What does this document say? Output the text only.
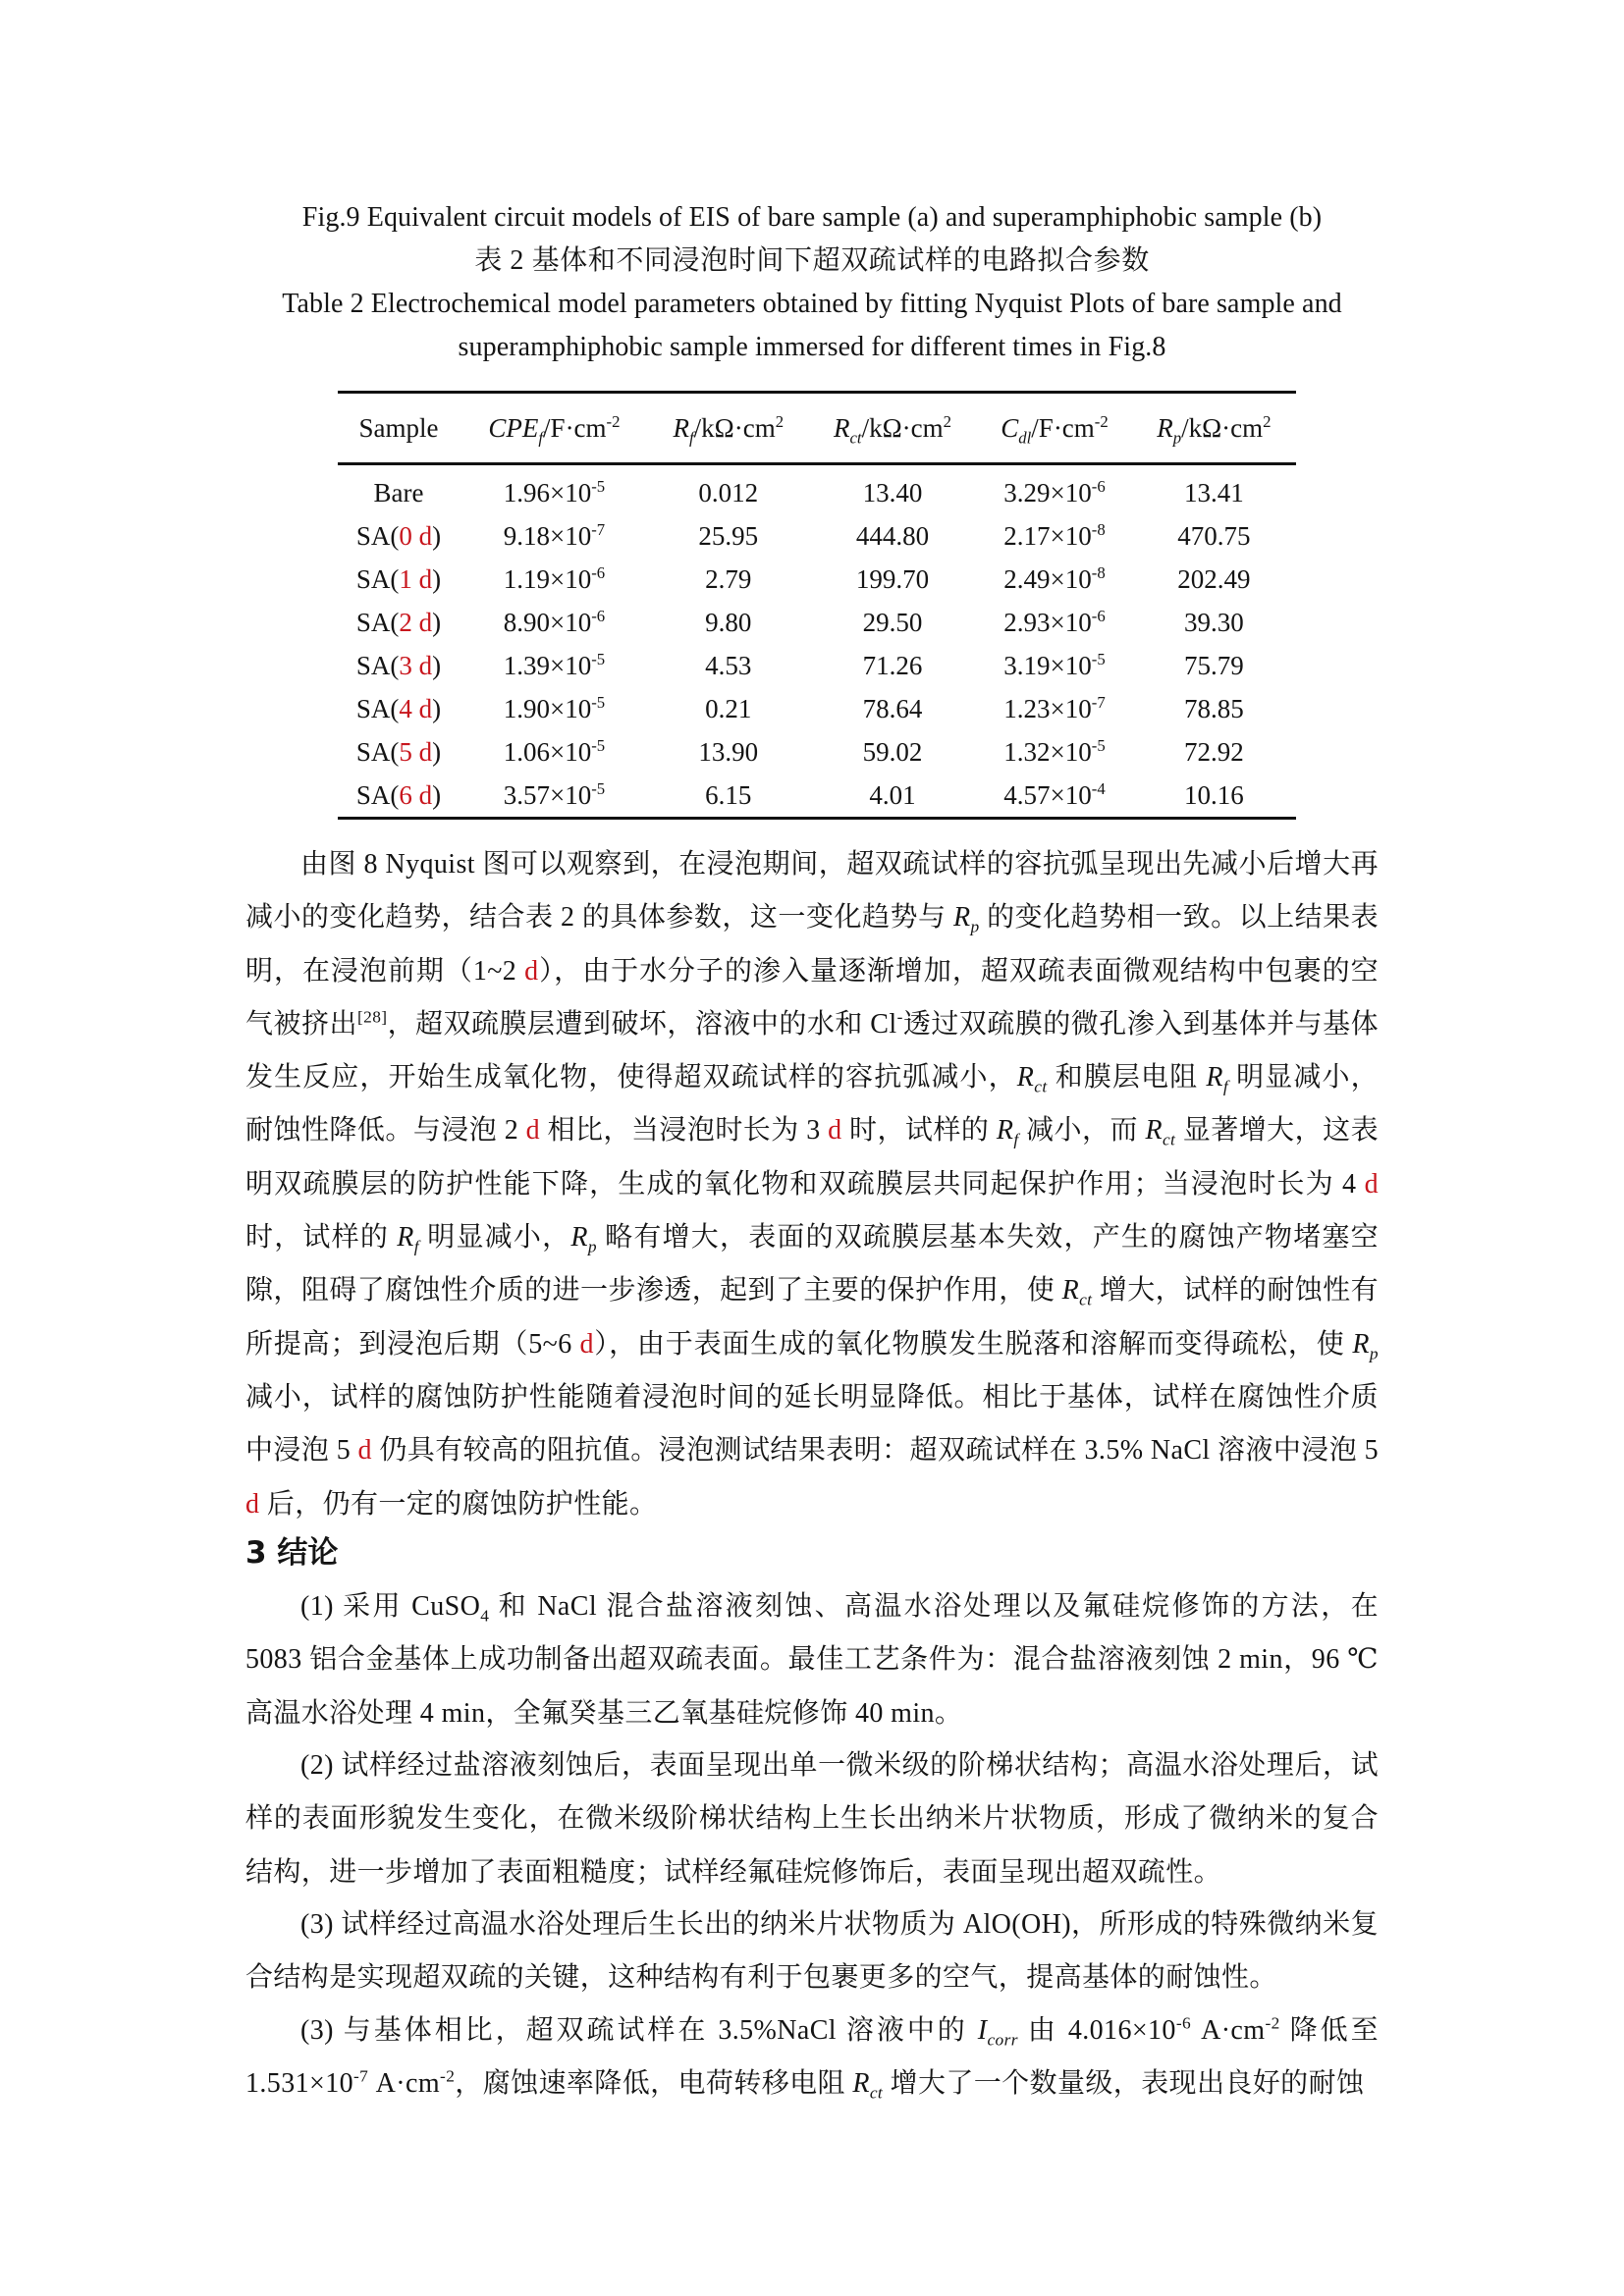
Fig.9 Equivalent circuit models of EIS of bare sample (a) and superamphiphobic sample (b)
表 2 基体和不同浸泡时间下超双疏试样的电路拟合参数
Table 2 Electrochemical model parameters obtained by fitting Nyquist Plots of bare sample and
superamphiphobic sample immersed for different times in Fig.8
Sample	$CPE_f/F\cdot cm^{-2}$	$R_f/k\Omega\cdot cm^2$	$R_{ct}/k\Omega\cdot cm^2$	$C_{dl}/F\cdot cm^{-2}$	$R_p/k\Omega\cdot cm^2$
Bare	$1.96\times 10^{-5}$	0.012	13.40	$3.29\times 10^{-6}$	13.41
SA(0 d)	$9.18\times 10^{-7}$	25.95	444.80	$2.17\times 10^{-8}$	470.75
SA(1 d)	$1.19\times 10^{-6}$	2.79	199.70	$2.49\times 10^{-8}$	202.49
SA(2 d)	$8.90\times 10^{-6}$	9.80	29.50	$2.93\times 10^{-6}$	39.30
SA(3 d)	$1.39\times 10^{-5}$	4.53	71.26	$3.19\times 10^{-5}$	75.79
SA(4 d)	$1.90\times 10^{-5}$	0.21	78.64	$1.23\times 10^{-7}$	78.85
SA(5 d)	$1.06\times 10^{-5}$	13.90	59.02	$1.32\times 10^{-5}$	72.92
SA(6 d)	$3.57\times 10^{-5}$	6.15	4.01	$4.57\times 10^{-4}$	10.16

由图 8 Nyquist 图可以观察到，在浸泡期间，超双疏试样的容抗弧呈现出先减小后增大再减小的变化趋势，结合表 2 的具体参数，这一变化趋势与 $R_p$ 的变化趋势相一致。以上结果表明，在浸泡前期（1~2 d），由于水分子的渗入量逐渐增加，超双疏表面微观结构中包裹的空气被挤出[28]，超双疏膜层遭到破坏，溶液中的水和 Cl-透过双疏膜的微孔渗入到基体并与基体发生反应，开始生成氧化物，使得超双疏试样的容抗弧减小，$R_{ct}$ 和膜层电阻 $R_f$ 明显减小，耐蚀性降低。与浸泡 2 d 相比，当浸泡时长为 3 d 时，试样的 $R_f$ 减小，而 $R_{ct}$ 显著增大，这表明双疏膜层的防护性能下降，生成的氧化物和双疏膜层共同起保护作用；当浸泡时长为 4 d 时，试样的 $R_f$ 明显减小，$R_p$ 略有增大，表面的双疏膜层基本失效，产生的腐蚀产物堵塞空隙，阻碍了腐蚀性介质的进一步渗透，起到了主要的保护作用，使 $R_{ct}$ 增大，试样的耐蚀性有所提高；到浸泡后期（5~6 d），由于表面生成的氧化物膜发生脱落和溶解而变得疏松，使 $R_p$ 减小，试样的腐蚀防护性能随着浸泡时间的延长明显降低。相比于基体，试样在腐蚀性介质中浸泡 5 d 仍具有较高的阻抗值。浸泡测试结果表明：超双疏试样在 3.5% NaCl 溶液中浸泡 5 d 后，仍有一定的腐蚀防护性能。

3 结论

(1) 采用 CuSO$_4$ 和 NaCl 混合盐溶液刻蚀、高温水浴处理以及氟硅烷修饰的方法，在 5083 铝合金基体上成功制备出超双疏表面。最佳工艺条件为：混合盐溶液刻蚀 2 min，96 ℃ 高温水浴处理 4 min，全氟癸基三乙氧基硅烷修饰 40 min。

(2) 试样经过盐溶液刻蚀后，表面呈现出单一微米级的阶梯状结构；高温水浴处理后，试样的表面形貌发生变化，在微米级阶梯状结构上生长出纳米片状物质，形成了微纳米的复合结构，进一步增加了表面粗糙度；试样经氟硅烷修饰后，表面呈现出超双疏性。

(3) 试样经过高温水浴处理后生长出的纳米片状物质为 AlO(OH)，所形成的特殊微纳米复合结构是实现超双疏的关键，这种结构有利于包裹更多的空气，提高基体的耐蚀性。

(3) 与基体相比，超双疏试样在 3.5%NaCl 溶液中的 $I_{corr}$ 由 $4.016\times 10^{-6}$ $A\cdot cm^{-2}$ 降低至 $1.531\times 10^{-7}$ $A\cdot cm^{-2}$，腐蚀速率降低，电荷转移电阻 $R_{ct}$ 增大了一个数量级，表现出良好的耐蚀
